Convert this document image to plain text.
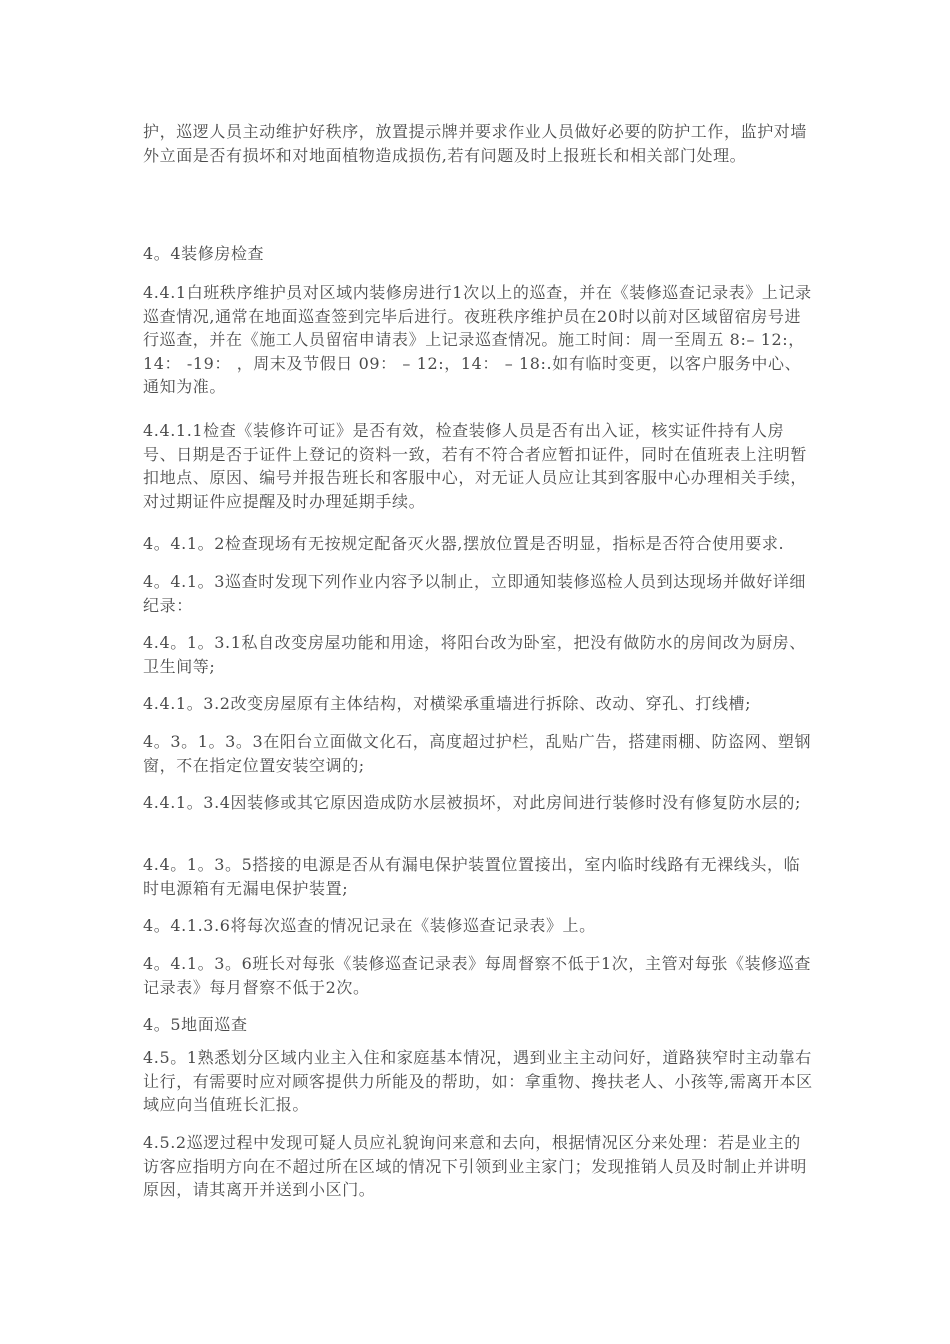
护，巡逻人员主动维护好秩序，放置提示牌并要求作业人员做好必要的防护工作，监护对墙外立面是否有损坏和对地面植物造成损伤,若有问题及时上报班长和相关部门处理。

4。4装修房检查

4.4.1白班秩序维护员对区域内装修房进行1次以上的巡查，并在《装修巡查记录表》上记录巡查情况,通常在地面巡查签到完毕后进行。夜班秩序维护员在20时以前对区域留宿房号进行巡查，并在《施工人员留宿申请表》上记录巡查情况。施工时间：周一至周五 8:– 12:，14： -19： ，周末及节假日 09： – 12:，14： – 18:.如有临时变更，以客户服务中心、通知为准。

4.4.1.1检查《装修许可证》是否有效，检查装修人员是否有出入证，核实证件持有人房号、日期是否于证件上登记的资料一致，若有不符合者应暂扣证件，同时在值班表上注明暂扣地点、原因、编号并报告班长和客服中心，对无证人员应让其到客服中心办理相关手续，对过期证件应提醒及时办理延期手续。

4。4.1。2检查现场有无按规定配备灭火器,摆放位置是否明显，指标是否符合使用要求.

4。4.1。3巡查时发现下列作业内容予以制止，立即通知装修巡检人员到达现场并做好详细纪录：

4.4。1。3.1私自改变房屋功能和用途，将阳台改为卧室，把没有做防水的房间改为厨房、卫生间等;

4.4.1。3.2改变房屋原有主体结构，对横梁承重墙进行拆除、改动、穿孔、打线槽;

4。3。1。3。3在阳台立面做文化石，高度超过护栏，乱贴广告，搭建雨棚、防盗网、塑钢窗，不在指定位置安装空调的;

4.4.1。3.4因装修或其它原因造成防水层被损坏，对此房间进行装修时没有修复防水层的;

4.4。1。3。5搭接的电源是否从有漏电保护装置位置接出，室内临时线路有无裸线头，临时电源箱有无漏电保护装置;

4。4.1.3.6将每次巡查的情况记录在《装修巡查记录表》上。

4。4.1。3。6班长对每张《装修巡查记录表》每周督察不低于1次，主管对每张《装修巡查记录表》每月督察不低于2次。

4。5地面巡查

4.5。1熟悉划分区域内业主入住和家庭基本情况，遇到业主主动问好，道路狭窄时主动靠右让行，有需要时应对顾客提供力所能及的帮助，如：拿重物、搀扶老人、小孩等,需离开本区域应向当值班长汇报。

4.5.2巡逻过程中发现可疑人员应礼貌询问来意和去向，根据情况区分来处理：若是业主的访客应指明方向在不超过所在区域的情况下引领到业主家门；发现推销人员及时制止并讲明原因，请其离开并送到小区门。
